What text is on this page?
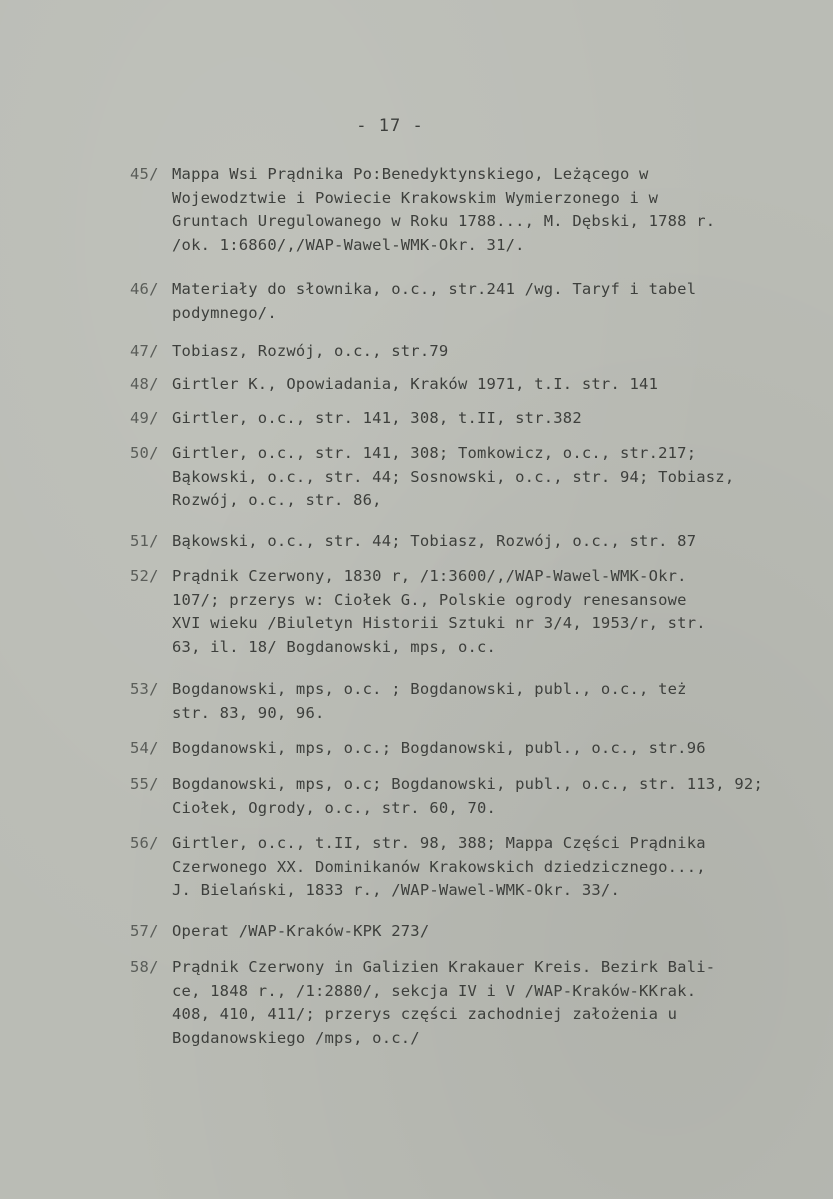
- 17 -
45/ Mappa Wsi Prądnika Po:Benedyktynskiego, Leżącego w
Wojewodztwie i Powiecie Krakowskim Wymierzonego i w
Gruntach Uregulowanego w Roku 1788..., M. Dębski, 1788 r.
/ok. 1:6860/,/WAP-Wawel-WMK-Okr. 31/.
46/ Materiały do słownika, o.c., str.241 /wg. Taryf i tabel
podymnego/.
47/ Tobiasz, Rozwój, o.c., str.79
48/ Girtler K., Opowiadania, Kraków 1971, t.I. str. 141
49/ Girtler, o.c., str. 141, 308, t.II, str.382
50/ Girtler, o.c., str. 141, 308; Tomkowicz, o.c., str.217;
Bąkowski, o.c., str. 44; Sosnowski, o.c., str. 94; Tobiasz,
Rozwój, o.c., str. 86,
51/ Bąkowski, o.c., str. 44; Tobiasz, Rozwój, o.c., str. 87
52/ Prądnik Czerwony, 1830 r, /1:3600/,/WAP-Wawel-WMK-Okr.
107/; przerys w: Ciołek G., Polskie ogrody renesansowe
XVI wieku /Biuletyn Historii Sztuki nr 3/4, 1953/r, str.
63, il. 18/ Bogdanowski, mps, o.c.
53/ Bogdanowski, mps, o.c. ; Bogdanowski, publ., o.c., też
str. 83, 90, 96.
54/ Bogdanowski, mps, o.c.; Bogdanowski, publ., o.c., str.96
55/ Bogdanowski, mps, o.c; Bogdanowski, publ., o.c., str. 113, 92;
Ciołek, Ogrody, o.c., str. 60, 70.
56/ Girtler, o.c., t.II, str. 98, 388; Mappa Części Prądnika
Czerwonego XX. Dominikanów Krakowskich dziedzicznego...,
J. Bielański, 1833 r., /WAP-Wawel-WMK-Okr. 33/.
57/ Operat /WAP-Kraków-KPK 273/
58/ Prądnik Czerwony in Galizien Krakauer Kreis. Bezirk Bali-
ce, 1848 r., /1:2880/, sekcja IV i V /WAP-Kraków-KKrak.
408, 410, 411/; przerys części zachodniej założenia u
Bogdanowskiego /mps, o.c./
